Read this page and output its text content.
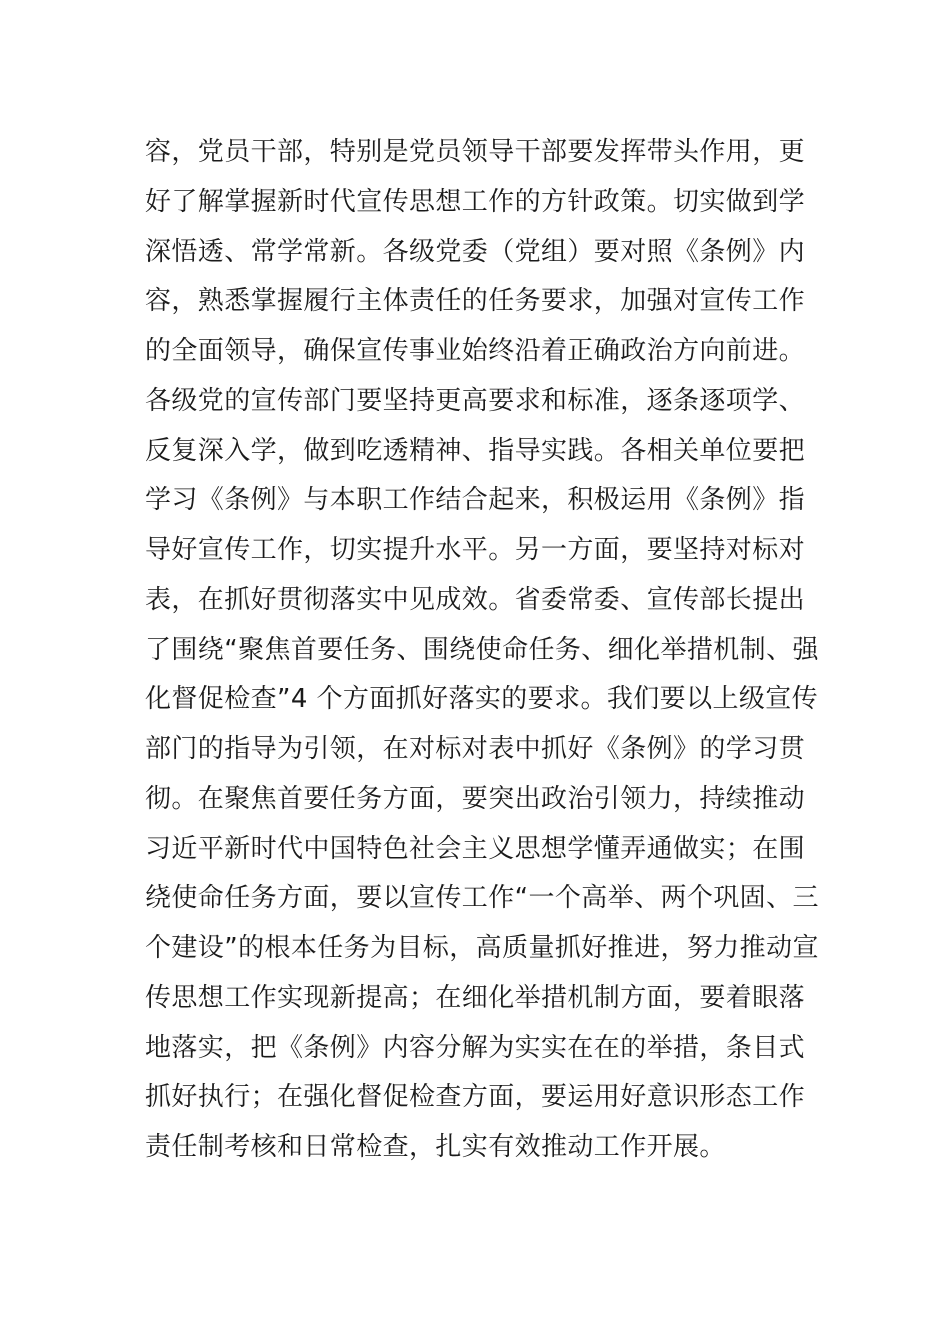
容，党员干部，特别是党员领导干部要发挥带头作用，更
好了解掌握新时代宣传思想工作的方针政策。切实做到学
深悟透、常学常新。各级党委（党组）要对照《条例》内
容，熟悉掌握履行主体责任的任务要求，加强对宣传工作
的全面领导，确保宣传事业始终沿着正确政治方向前进。
各级党的宣传部门要坚持更高要求和标准，逐条逐项学、
反复深入学，做到吃透精神、指导实践。各相关单位要把
学习《条例》与本职工作结合起来，积极运用《条例》指
导好宣传工作，切实提升水平。另一方面，要坚持对标对
表，在抓好贯彻落实中见成效。省委常委、宣传部长提出
了围绕“聚焦首要任务、围绕使命任务、细化举措机制、强
化督促检查”4 个方面抓好落实的要求。我们要以上级宣传
部门的指导为引领，在对标对表中抓好《条例》的学习贯
彻。在聚焦首要任务方面，要突出政治引领力，持续推动
习近平新时代中国特色社会主义思想学懂弄通做实；在围
绕使命任务方面，要以宣传工作“一个高举、两个巩固、三
个建设”的根本任务为目标，高质量抓好推进，努力推动宣
传思想工作实现新提高；在细化举措机制方面，要着眼落
地落实，把《条例》内容分解为实实在在的举措，条目式
抓好执行；在强化督促检查方面，要运用好意识形态工作
责任制考核和日常检查，扎实有效推动工作开展。
